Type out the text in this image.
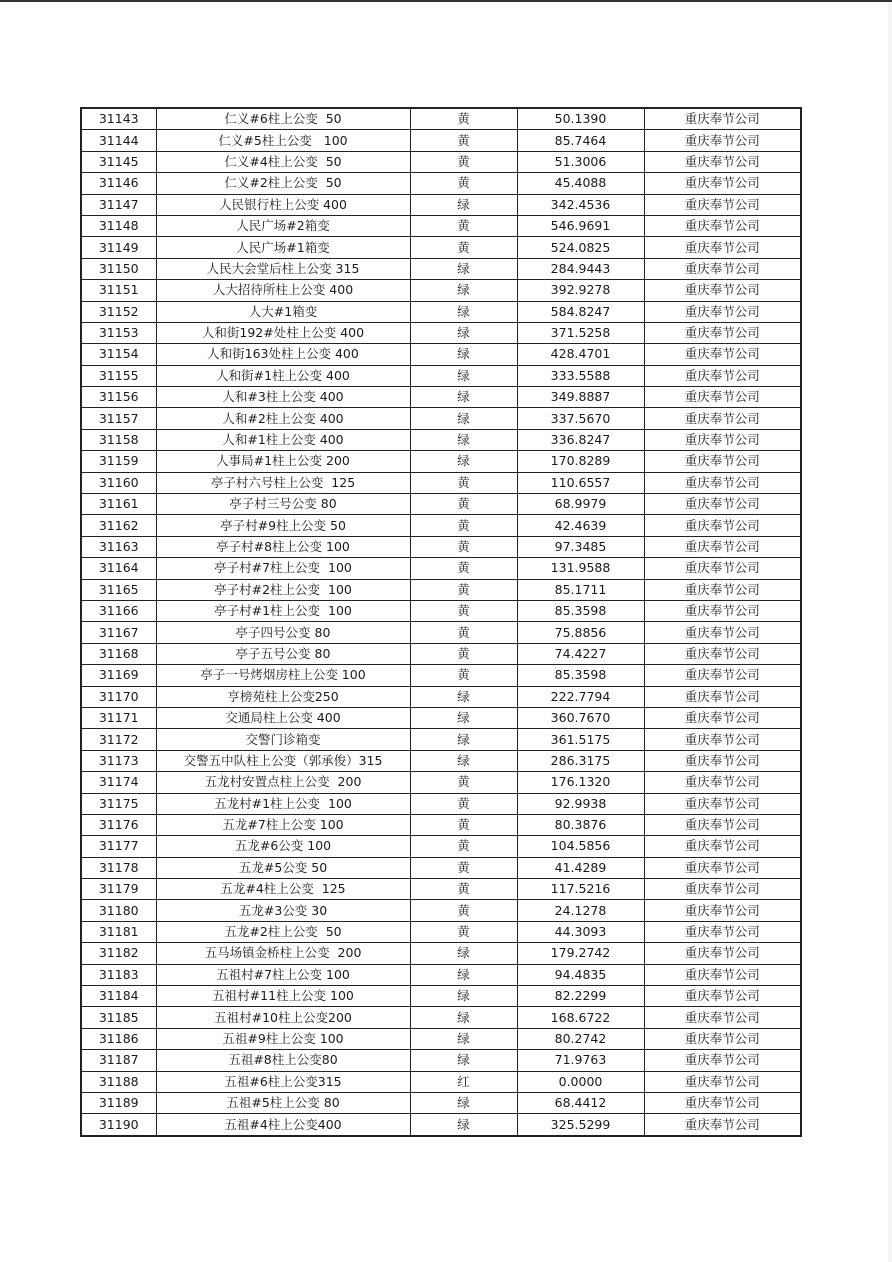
31143	仁义#6柱上公变  50	黄	50.1390	重庆奉节公司
31144	仁义#5柱上公变   100	黄	85.7464	重庆奉节公司
31145	仁义#4柱上公变  50	黄	51.3006	重庆奉节公司
31146	仁义#2柱上公变  50	黄	45.4088	重庆奉节公司
31147	人民银行柱上公变 400	绿	342.4536	重庆奉节公司
31148	人民广场#2箱变	黄	546.9691	重庆奉节公司
31149	人民广场#1箱变	黄	524.0825	重庆奉节公司
31150	人民大会堂后柱上公变 315	绿	284.9443	重庆奉节公司
31151	人大招待所柱上公变 400	绿	392.9278	重庆奉节公司
31152	人大#1箱变	绿	584.8247	重庆奉节公司
31153	人和街192#处柱上公变 400	绿	371.5258	重庆奉节公司
31154	人和街163处柱上公变 400	绿	428.4701	重庆奉节公司
31155	人和街#1柱上公变 400	绿	333.5588	重庆奉节公司
31156	人和#3柱上公变 400	绿	349.8887	重庆奉节公司
31157	人和#2柱上公变 400	绿	337.5670	重庆奉节公司
31158	人和#1柱上公变 400	绿	336.8247	重庆奉节公司
31159	人事局#1柱上公变 200	绿	170.8289	重庆奉节公司
31160	亭子村六号柱上公变  125	黄	110.6557	重庆奉节公司
31161	亭子村三号公变 80	黄	68.9979	重庆奉节公司
31162	亭子村#9柱上公变 50	黄	42.4639	重庆奉节公司
31163	亭子村#8柱上公变 100	黄	97.3485	重庆奉节公司
31164	亭子村#7柱上公变  100	黄	131.9588	重庆奉节公司
31165	亭子村#2柱上公变  100	黄	85.1711	重庆奉节公司
31166	亭子村#1柱上公变  100	黄	85.3598	重庆奉节公司
31167	亭子四号公变 80	黄	75.8856	重庆奉节公司
31168	亭子五号公变 80	黄	74.4227	重庆奉节公司
31169	亭子一号烤烟房柱上公变 100	黄	85.3598	重庆奉节公司
31170	亨榜苑柱上公变250	绿	222.7794	重庆奉节公司
31171	交通局柱上公变 400	绿	360.7670	重庆奉节公司
31172	交警门诊箱变	绿	361.5175	重庆奉节公司
31173	交警五中队柱上公变（郭承俊）315	绿	286.3175	重庆奉节公司
31174	五龙村安置点柱上公变  200	黄	176.1320	重庆奉节公司
31175	五龙村#1柱上公变  100	黄	92.9938	重庆奉节公司
31176	五龙#7柱上公变 100	黄	80.3876	重庆奉节公司
31177	五龙#6公变 100	黄	104.5856	重庆奉节公司
31178	五龙#5公变 50	黄	41.4289	重庆奉节公司
31179	五龙#4柱上公变  125	黄	117.5216	重庆奉节公司
31180	五龙#3公变 30	黄	24.1278	重庆奉节公司
31181	五龙#2柱上公变  50	黄	44.3093	重庆奉节公司
31182	五马场镇金桥柱上公变  200	绿	179.2742	重庆奉节公司
31183	五祖村#7柱上公变 100	绿	94.4835	重庆奉节公司
31184	五祖村#11柱上公变 100	绿	82.2299	重庆奉节公司
31185	五祖村#10柱上公变200	绿	168.6722	重庆奉节公司
31186	五祖#9柱上公变 100	绿	80.2742	重庆奉节公司
31187	五祖#8柱上公变80	绿	71.9763	重庆奉节公司
31188	五祖#6柱上公变315	红	0.0000	重庆奉节公司
31189	五祖#5柱上公变 80	绿	68.4412	重庆奉节公司
31190	五祖#4柱上公变400	绿	325.5299	重庆奉节公司
